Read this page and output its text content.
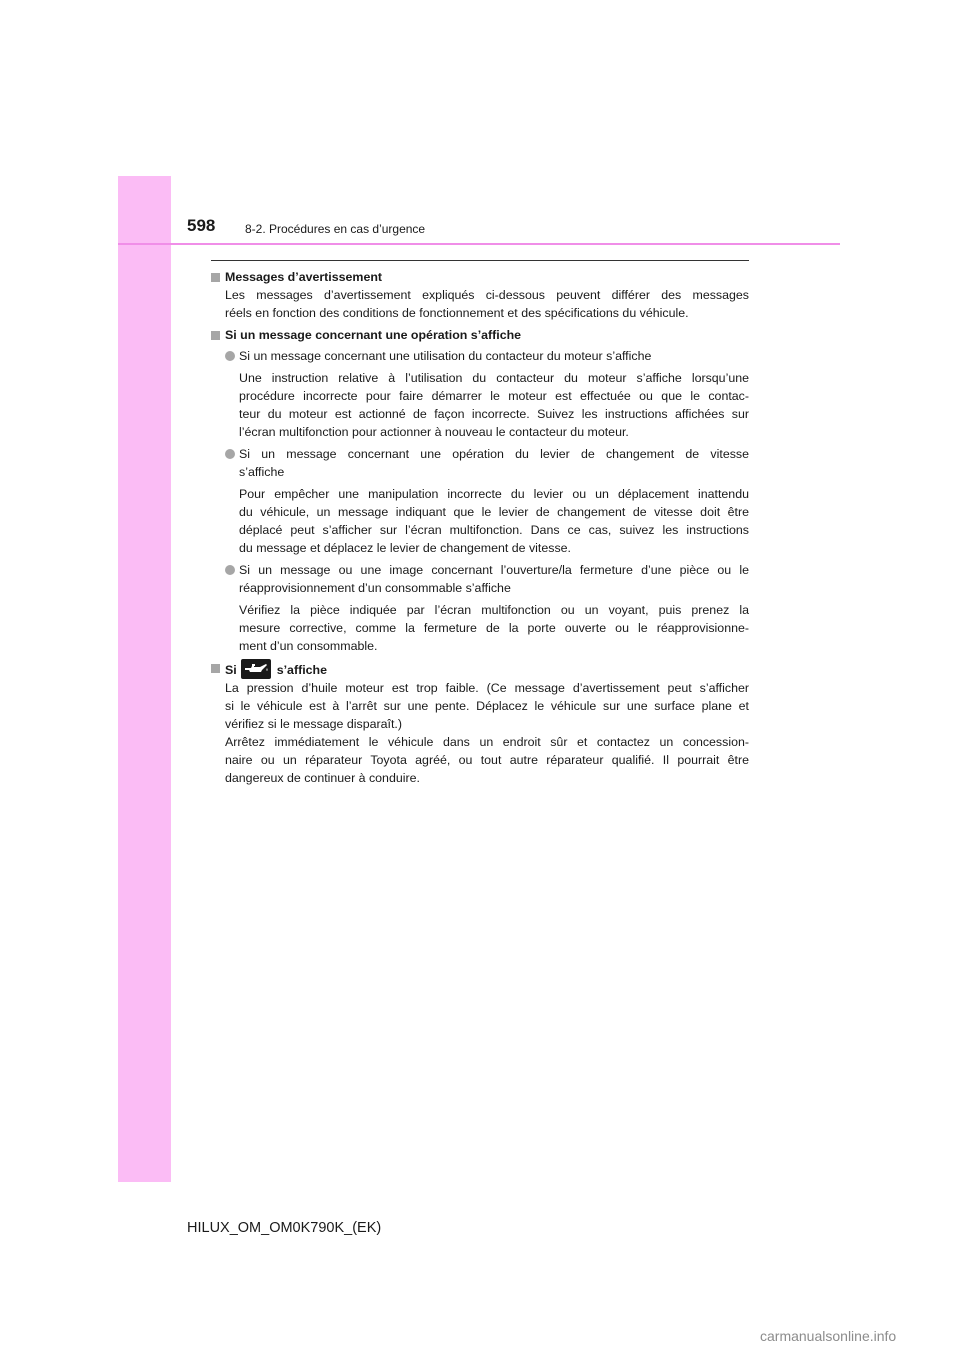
598 8-2. Procédures en cas d’urgence
Messages d’avertissement
Les messages d’avertissement expliqués ci-dessous peuvent différer des messages
réels en fonction des conditions de fonctionnement et des spécifications du véhicule.
Si un message concernant une opération s’affiche
Si un message concernant une utilisation du contacteur du moteur s’affiche
Une instruction relative à l’utilisation du contacteur du moteur s’affiche lorsqu’une
procédure incorrecte pour faire démarrer le moteur est effectuée ou que le contac-
teur du moteur est actionné de façon incorrecte. Suivez les instructions affichées sur
l’écran multifonction pour actionner à nouveau le contacteur du moteur.
Si un message concernant une opération du levier de changement de vitesse
s’affiche
Pour empêcher une manipulation incorrecte du levier ou un déplacement inattendu
du véhicule, un message indiquant que le levier de changement de vitesse doit être
déplacé peut s’afficher sur l’écran multifonction. Dans ce cas, suivez les instructions
du message et déplacez le levier de changement de vitesse.
Si un message ou une image concernant l’ouverture/la fermeture d’une pièce ou le
réapprovisionnement d’un consommable s’affiche
Vérifiez la pièce indiquée par l’écran multifonction ou un voyant, puis prenez la
mesure corrective, comme la fermeture de la porte ouverte ou le réapprovisionne-
ment d’un consommable.
Si	s’affiche
La pression d’huile moteur est trop faible. (Ce message d’avertissement peut s’afficher
si le véhicule est à l’arrêt sur une pente. Déplacez le véhicule sur une surface plane et
vérifiez si le message disparaît.)
Arrêtez immédiatement le véhicule dans un endroit sûr et contactez un concession-
naire ou un réparateur Toyota agréé, ou tout autre réparateur qualifié. Il pourrait être
dangereux de continuer à conduire.
HILUX_OM_OM0K790K_(EK)
carmanualsonline.info
